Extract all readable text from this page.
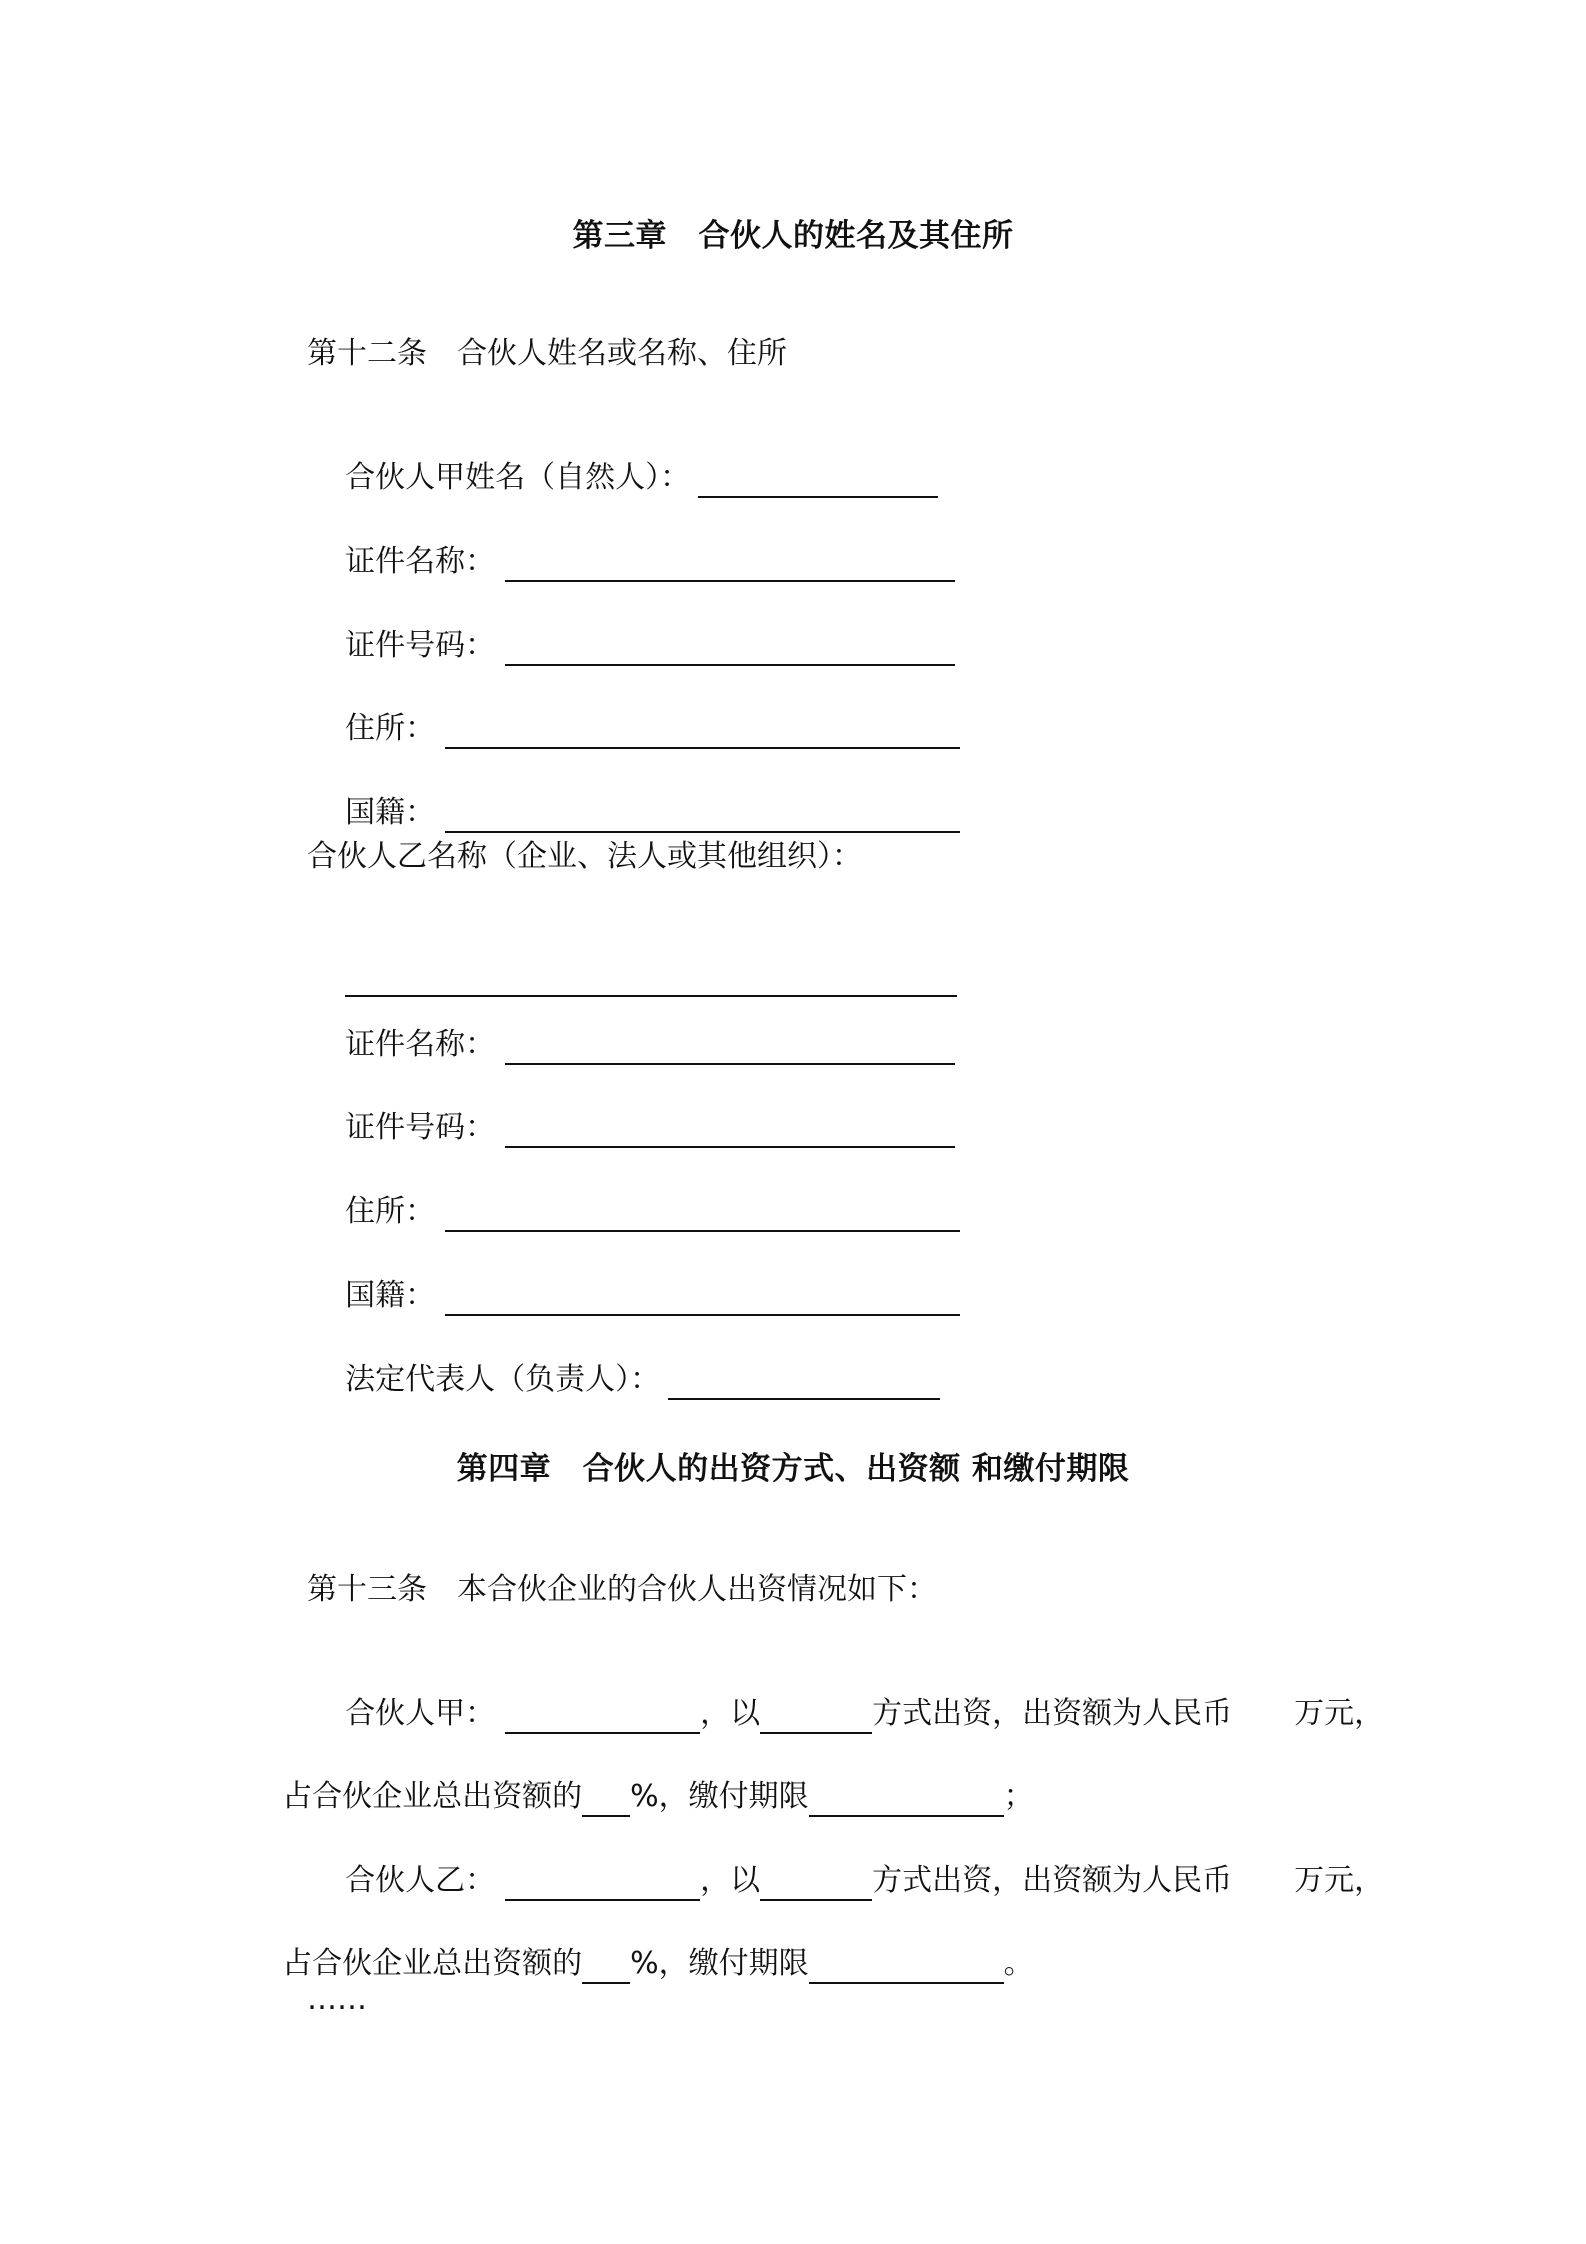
第三章　合伙人的姓名及其住所
第十二条　合伙人姓名或名称、住所

合伙人甲姓名（自然人）：

证件名称：

证件号码：

住所：

国籍：

合伙人乙名称（企业、法人或其他组织）：

证件名称：

证件号码：

住所：

国籍：

法定代表人（负责人）：

第四章　合伙人的出资方式、出资额 和缴付期限
第十三条　本合伙企业的合伙人出资情况如下：

合伙人甲：	，以	方式出资，出资额为人民币 万元，

占合伙企业总出资额的 %，缴付期限	；

合伙人乙：	，以	方式出资，出资额为人民币 万元，

占合伙企业总出资额的 %，缴付期限	。

……
